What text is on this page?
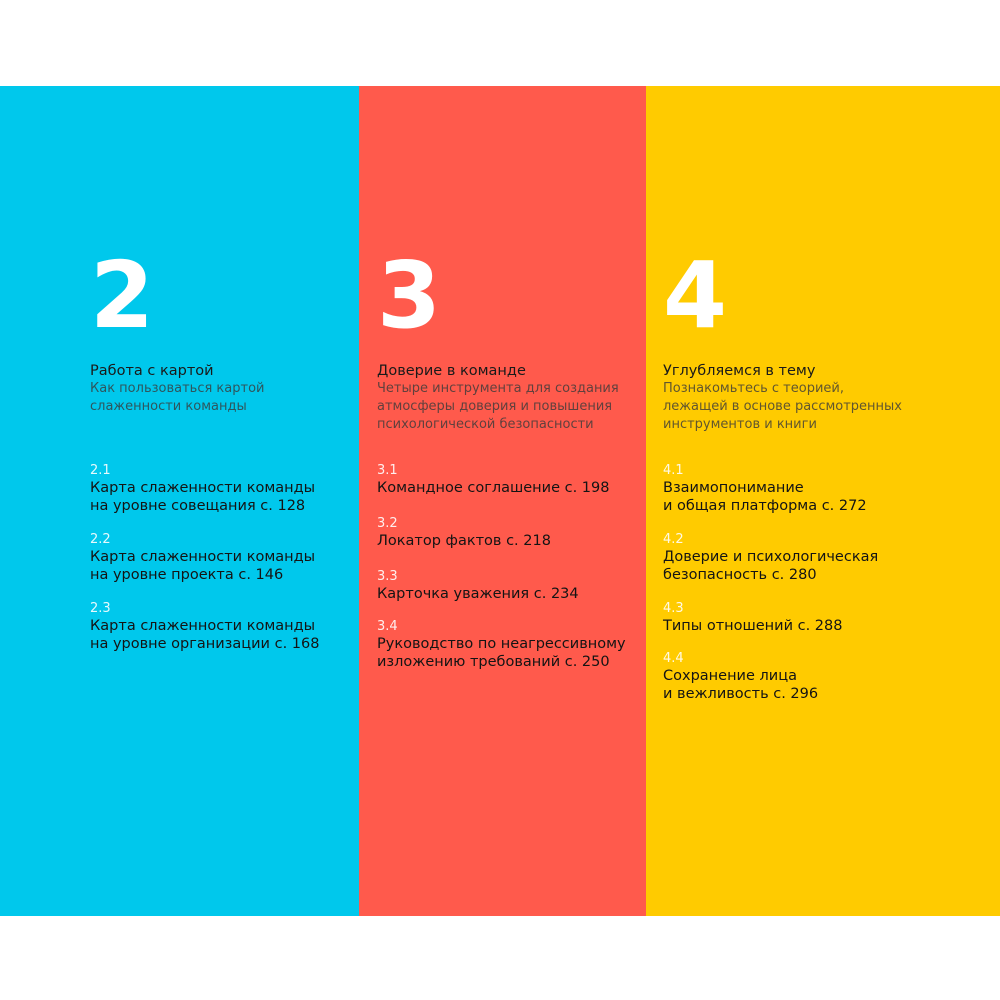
2
Работа с картой
Как пользоваться картой
слаженности команды
2.1
Карта слаженности команды
на уровне совещания с. 128
2.2
Карта слаженности команды
на уровне проекта с. 146
2.3
Карта слаженности команды
на уровне организации с. 168
3
Доверие в команде
Четыре инструмента для создания
атмосферы доверия и повышения
психологической безопасности
3.1
Командное соглашение с. 198
3.2
Локатор фактов с. 218
3.3
Карточка уважения с. 234
3.4
Руководство по неагрессивному
изложению требований с. 250
4
Углубляемся в тему
Познакомьтесь с теорией,
лежащей в основе рассмотренных
инструментов и книги
4.1
Взаимопонимание
и общая платформа с. 272
4.2
Доверие и психологическая
безопасность с. 280
4.3
Типы отношений с. 288
4.4
Сохранение лица
и вежливость с. 296
